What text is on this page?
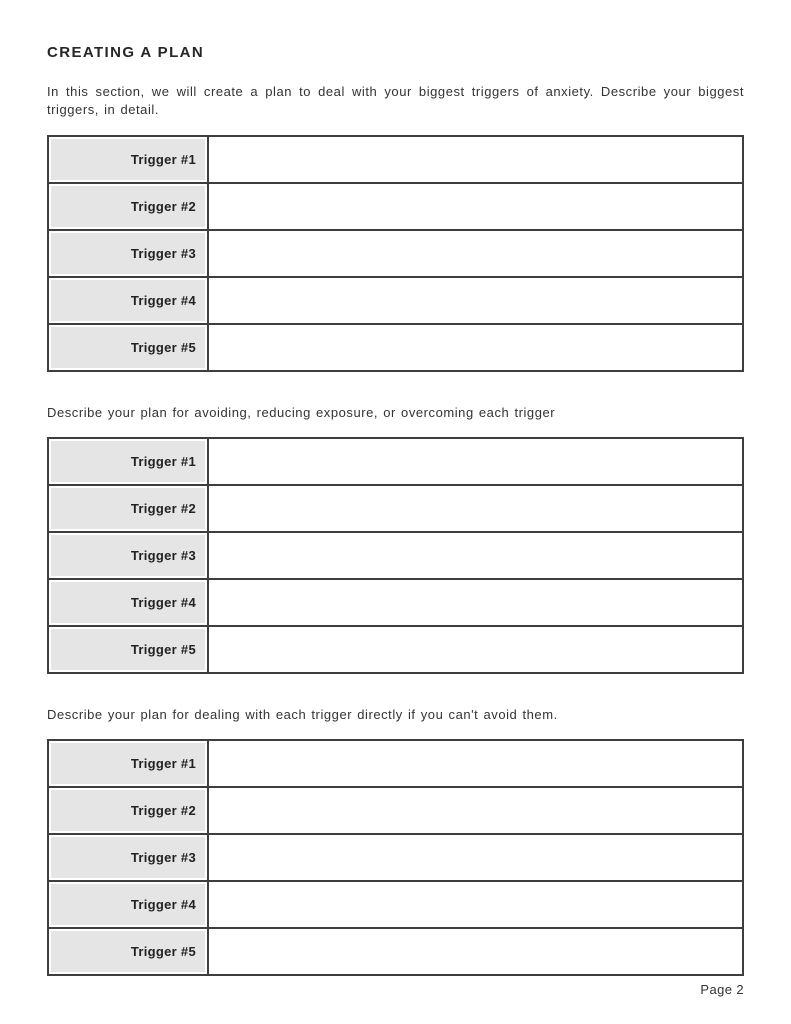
CREATING A PLAN

In this section, we will create a plan to deal with your biggest triggers of anxiety. Describe your biggest triggers, in detail.

Trigger #1	

Trigger #2	

Trigger #3	

Trigger #4	

Trigger #5	

Describe your plan for avoiding, reducing exposure, or overcoming each trigger

Trigger #1	

Trigger #2	

Trigger #3	

Trigger #4	

Trigger #5	

Describe your plan for dealing with each trigger directly if you can't avoid them.

Trigger #1	

Trigger #2	

Trigger #3	

Trigger #4	

Trigger #5	

Page 2
